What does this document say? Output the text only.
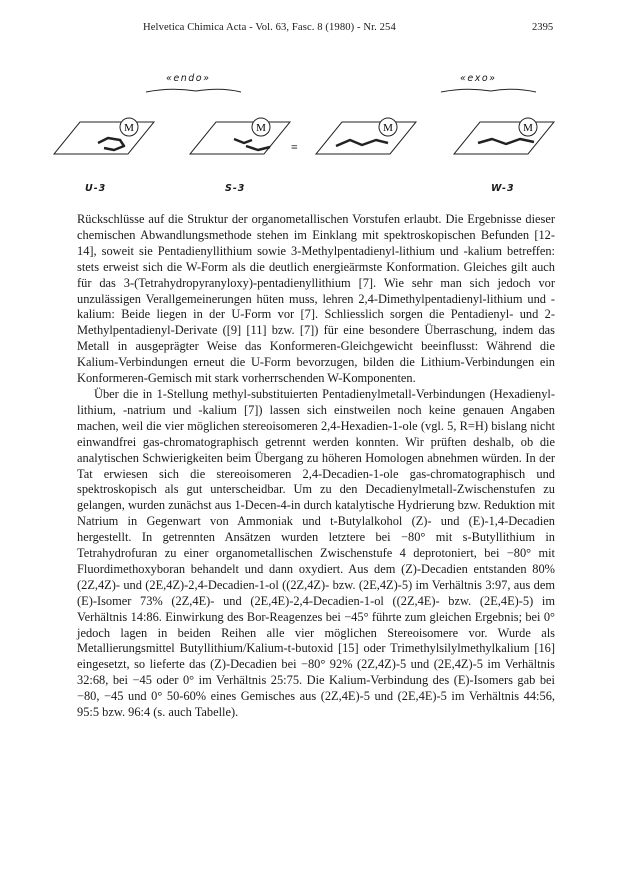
Helvetica Chimica Acta - Vol. 63, Fasc. 8 (1980) - Nr. 254	2395
M	M	M	M
«endo»	«exo»
≡
U-3	S-3	W-3

Rückschlüsse auf die Struktur der organometallischen Vorstufen erlaubt. Die Ergebnisse dieser chemischen Abwandlungsmethode stehen im Einklang mit spektroskopischen Befunden [12-14], soweit sie Pentadienyllithium sowie 3-Methylpentadienyl-lithium und -kalium betreffen: stets erweist sich die W-Form als die deutlich energieärmste Konformation. Gleiches gilt auch für das 3-(Tetrahydropyranyloxy)-pentadienyllithium [7]. Wie sehr man sich jedoch vor unzulässigen Verallgemeinerungen hüten muss, lehren 2,4-Dimethylpentadienyl-lithium und -kalium: Beide liegen in der U-Form vor [7]. Schliesslich sorgen die Pentadienyl- und 2-Methylpentadienyl-Derivate ([9] [11] bzw. [7]) für eine besondere Überraschung, indem das Metall in ausgeprägter Weise das Konformeren-Gleichgewicht beeinflusst: Während die Kalium-Verbindungen erneut die U-Form bevorzugen, bilden die Lithium-Verbindungen ein Konformeren-Gemisch mit stark vorherrschenden W-Komponenten.

Über die in 1-Stellung methyl-substituierten Pentadienylmetall-Verbindungen (Hexadienyl-lithium, -natrium und -kalium [7]) lassen sich einstweilen noch keine genauen Angaben machen, weil die vier möglichen stereoisomeren 2,4-Hexadien-1-ole (vgl. 5, R=H) bislang nicht einwandfrei gas-chromatographisch getrennt werden konnten. Wir prüften deshalb, ob die analytischen Schwierigkeiten beim Übergang zu höheren Homologen abnehmen würden. In der Tat erwiesen sich die stereoisomeren 2,4-Decadien-1-ole gas-chromatographisch und spektroskopisch als gut unterscheidbar. Um zu den Decadienylmetall-Zwischenstufen zu gelangen, wurden zunächst aus 1-Decen-4-in durch katalytische Hydrierung bzw. Reduktion mit Natrium in Gegenwart von Ammoniak und t-Butylalkohol (Z)- und (E)-1,4-Decadien hergestellt. In getrennten Ansätzen wurden letztere bei −80° mit s-Butyllithium in Tetrahydrofuran zu einer organometallischen Zwischenstufe 4 deprotoniert, bei −80° mit Fluordimethoxyboran behandelt und dann oxydiert. Aus dem (Z)-Decadien entstanden 80% (2Z,4Z)- und (2E,4Z)-2,4-Decadien-1-ol ((2Z,4Z)- bzw. (2E,4Z)-5) im Verhältnis 3:97, aus dem (E)-Isomer 73% (2Z,4E)- und (2E,4E)-2,4-Decadien-1-ol ((2Z,4E)- bzw. (2E,4E)-5) im Verhältnis 14:86. Einwirkung des Bor-Reagenzes bei −45° führte zum gleichen Ergebnis; bei 0° jedoch lagen in beiden Reihen alle vier möglichen Stereoisomere vor. Wurde als Metallierungsmittel Butyllithium/Kalium-t-butoxid [15] oder Trimethylsilylmethylkalium [16] eingesetzt, so lieferte das (Z)-Decadien bei −80° 92% (2Z,4Z)-5 und (2E,4Z)-5 im Verhältnis 32:68, bei −45 oder 0° im Verhältnis 25:75. Die Kalium-Verbindung des (E)-Isomers gab bei −80, −45 und 0° 50-60% eines Gemisches aus (2Z,4E)-5 und (2E,4E)-5 im Verhältnis 44:56, 95:5 bzw. 96:4 (s. auch Tabelle).
